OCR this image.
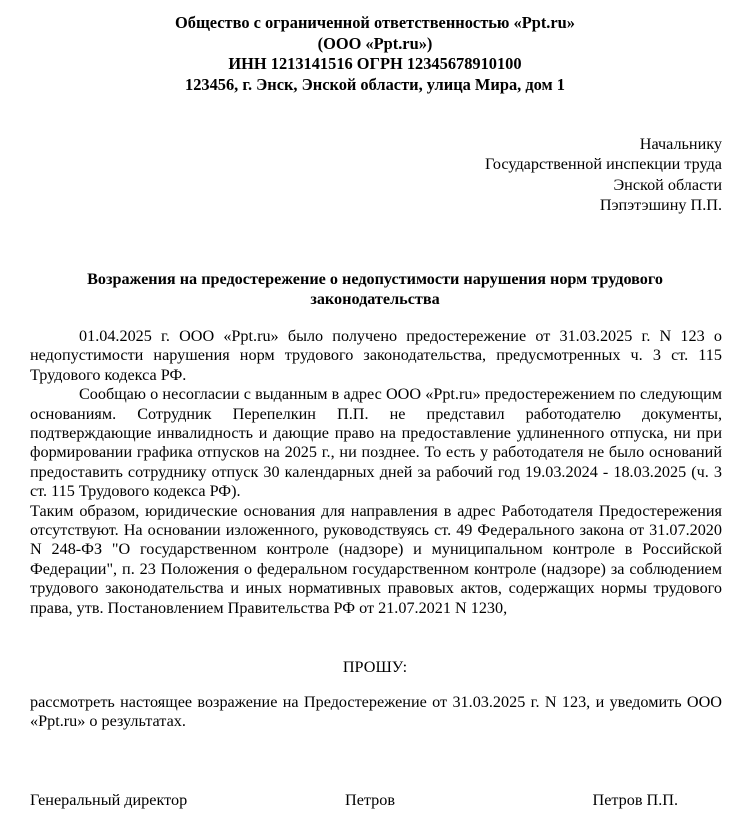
Общество с ограниченной ответственностью «Ppt.ru»
(ООО «Ppt.ru»)
ИНН 1213141516 ОГРН 12345678910100
123456, г. Энск, Энской области, улица Мира, дом 1
Начальнику
Государственной инспекции труда
Энской области
Пэпэтэшину П.П.
Возражения на предостережение о недопустимости нарушения норм трудового
законодательства

01.04.2025 г. ООО «Ppt.ru» было получено предостережение от 31.03.2025 г. N 123 о недопустимости нарушения норм трудового законодательства, предусмотренных ч. 3 ст. 115 Трудового кодекса РФ.

Сообщаю о несогласии с выданным в адрес ООО «Ppt.ru» предостережением по следующим основаниям. Сотрудник Перепелкин П.П. не представил работодателю документы, подтверждающие инвалидность и дающие право на предоставление удлиненного отпуска, ни при формировании графика отпусков на 2025 г., ни позднее. То есть у работодателя не было оснований предоставить сотруднику отпуск 30 календарных дней за рабочий год 19.03.2024 - 18.03.2025 (ч. 3 ст. 115 Трудового кодекса РФ).

Таким образом, юридические основания для направления в адрес Работодателя Предостережения отсутствуют. На основании изложенного, руководствуясь ст. 49 Федерального закона от 31.07.2020 N 248-ФЗ "О государственном контроле (надзоре) и муниципальном контроле в Российской Федерации", п. 23 Положения о федеральном государственном контроле (надзоре) за соблюдением трудового законодательства и иных нормативных правовых актов, содержащих нормы трудового права, утв. Постановлением Правительства РФ от 21.07.2021 N 1230,

ПРОШУ:
рассмотреть настоящее возражение на Предостережение от 31.03.2025 г. N 123, и уведомить ООО «Ppt.ru» о результатах.
Генеральный директор	Петров	Петров П.П.
